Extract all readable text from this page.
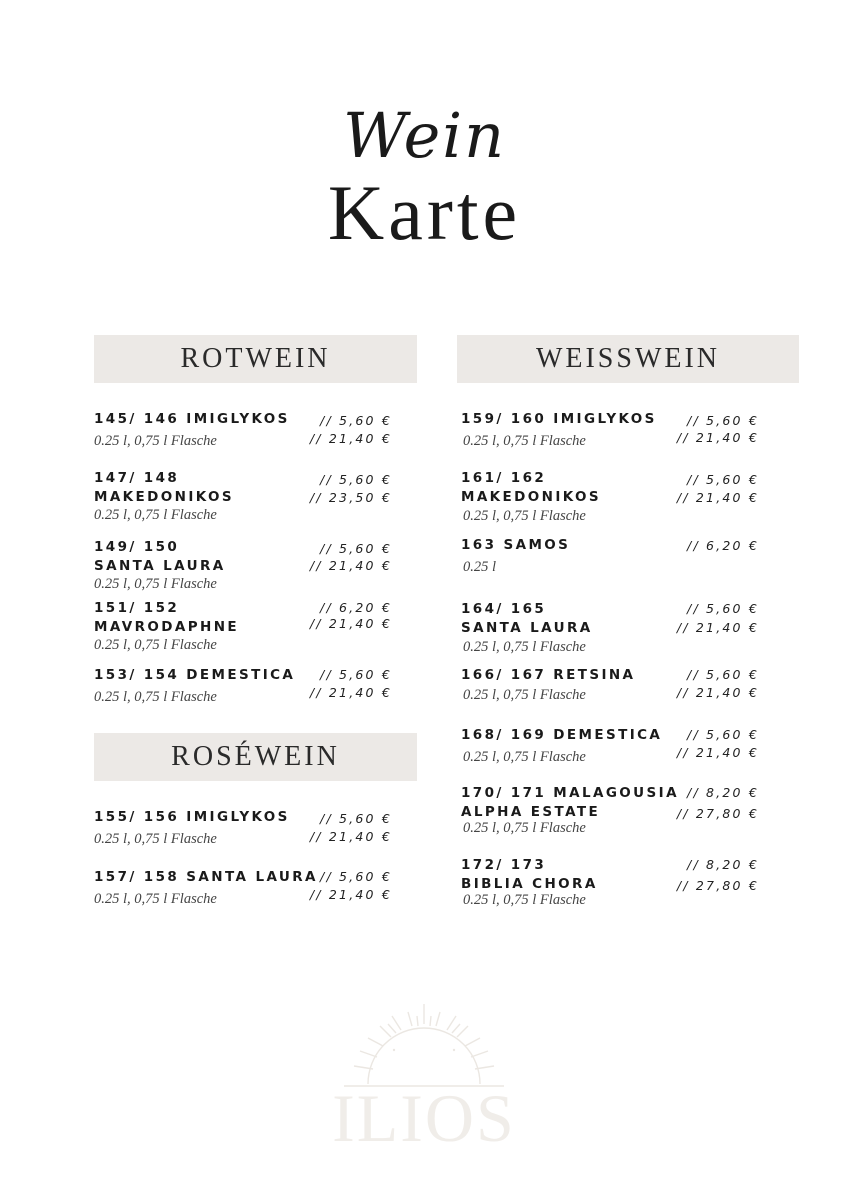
Wein
Karte
ROTWEIN	WEISSWEIN
ROSÉWEIN
145/ 146 IMIGLYKOS
0.25 l, 0,75 l Flasche
// 5,60 €
// 21,40 €
147/ 148
MAKEDONIKOS
0.25 l, 0,75 l Flasche
// 5,60 €
// 23,50 €
149/ 150
SANTA LAURA
0.25 l, 0,75 l Flasche
// 5,60 €
// 21,40 €
151/ 152
MAVRODAPHNE
0.25 l, 0,75 l Flasche
// 6,20 €
// 21,40 €
153/ 154 DEMESTICA
0.25 l, 0,75 l Flasche
// 5,60 €
// 21,40 €
155/ 156 IMIGLYKOS
0.25 l, 0,75 l Flasche
// 5,60 €
// 21,40 €
157/ 158 SANTA LAURA
0.25 l, 0,75 l Flasche
// 5,60 €
// 21,40 €
159/ 160 IMIGLYKOS
0.25 l, 0,75 l Flasche
// 5,60 €
// 21,40 €
161/ 162
MAKEDONIKOS
0.25 l, 0,75 l Flasche
// 5,60 €
// 21,40 €
163 SAMOS
0.25 l
// 6,20 €
164/ 165
SANTA LAURA
0.25 l, 0,75 l Flasche
// 5,60 €
// 21,40 €
166/ 167 RETSINA
0.25 l, 0,75 l Flasche
// 5,60 €
// 21,40 €
168/ 169 DEMESTICA
0.25 l, 0,75 l Flasche
// 5,60 €
// 21,40 €
170/ 171 MALAGOUSIA
ALPHA ESTATE
0.25 l, 0,75 l Flasche
// 8,20 €
// 27,80 €
172/ 173
BIBLIA CHORA
0.25 l, 0,75 l Flasche
// 8,20 €
// 27,80 €
ILIOS
